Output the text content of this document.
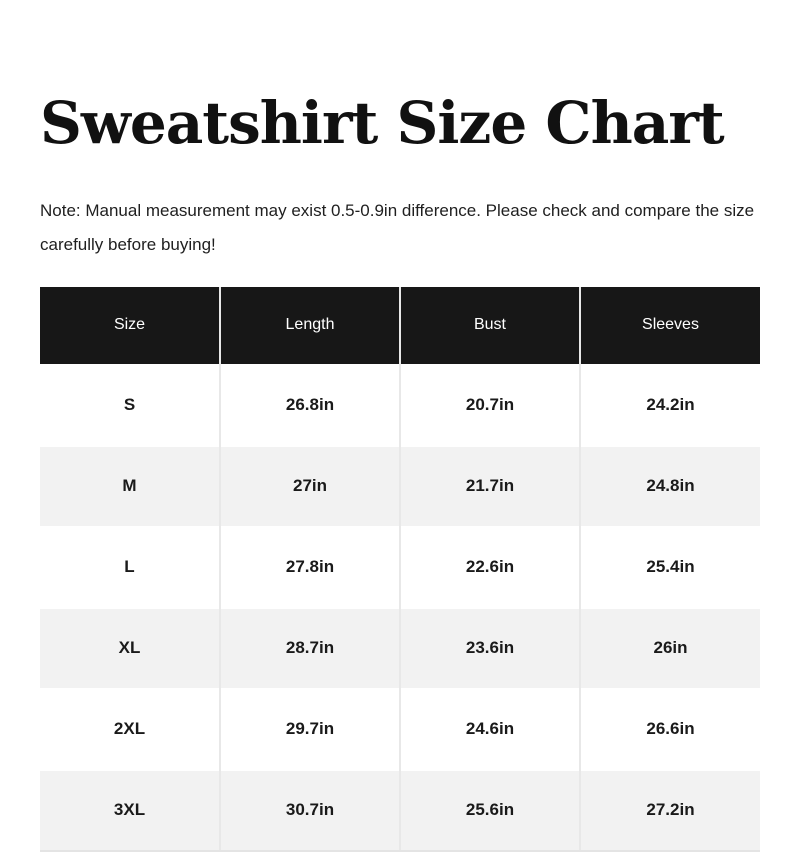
Sweatshirt Size Chart
Note: Manual measurement may exist 0.5-0.9in difference. Please check and compare the size
carefully before buying!
Size	Length	Bust	Sleeves
S	26.8in	20.7in	24.2in
M	27in	21.7in	24.8in
L	27.8in	22.6in	25.4in
XL	28.7in	23.6in	26in
2XL	29.7in	24.6in	26.6in
3XL	30.7in	25.6in	27.2in
